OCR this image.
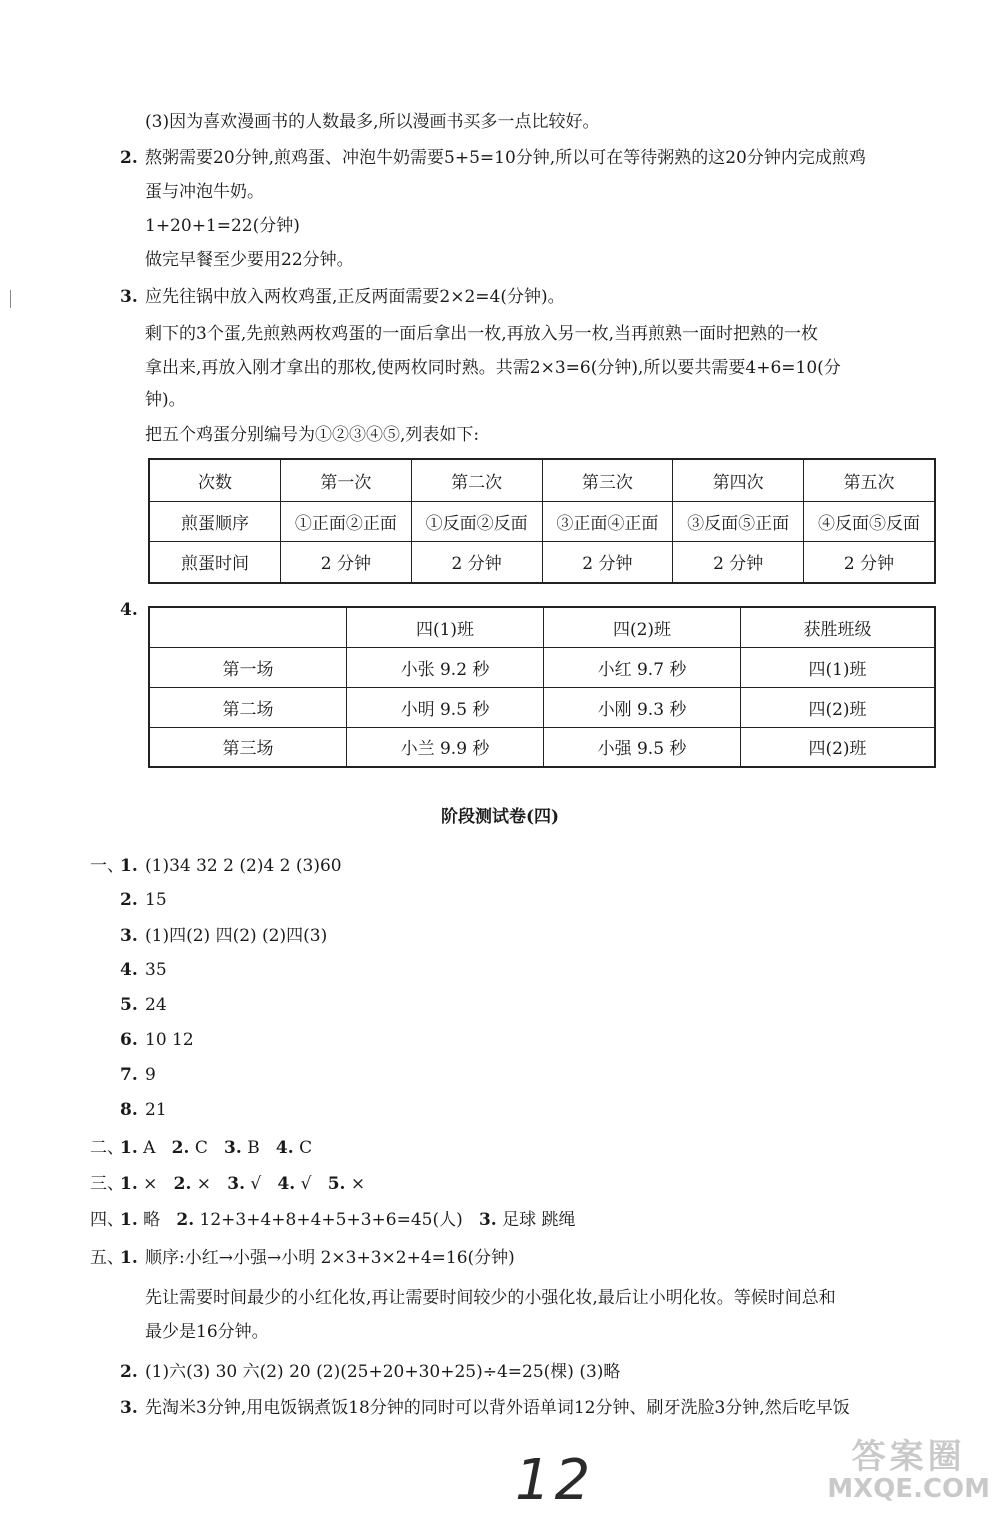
(3)因为喜欢漫画书的人数最多,所以漫画书买多一点比较好。
2. 熬粥需要20分钟,煎鸡蛋、冲泡牛奶需要5+5=10分钟,所以可在等待粥熟的这20分钟内完成煎鸡
蛋与冲泡牛奶。
1+20+1=22(分钟)
做完早餐至少要用22分钟。
3. 应先往锅中放入两枚鸡蛋,正反两面需要2×2=4(分钟)。
剩下的3个蛋,先煎熟两枚鸡蛋的一面后拿出一枚,再放入另一枚,当再煎熟一面时把熟的一枚
拿出来,再放入刚才拿出的那枚,使两枚同时熟。共需2×3=6(分钟),所以要共需要4+6=10(分
钟)。
把五个鸡蛋分别编号为①②③④⑤,列表如下:
次数	第一次	第二次	第三次	第四次	第五次
煎蛋顺序	①正面②正面	①反面②反面	③正面④正面	③反面⑤正面	④反面⑤反面
煎蛋时间	2 分钟	2 分钟	2 分钟	2 分钟	2 分钟
4.
	四(1)班	四(2)班	获胜班级
第一场	小张 9.2 秒	小红 9.7 秒	四(1)班
第二场	小明 9.5 秒	小刚 9.3 秒	四(2)班
第三场	小兰 9.9 秒	小强 9.5 秒	四(2)班
阶段测试卷(四)
一、
1. (1)34 32 2 (2)4 2 (3)60
2. 15
3. (1)四(2) 四(2) (2)四(3)
4. 35
5. 24
6. 10 12
7. 9
8. 21
二、
1. A 2. C 3. B 4. C
三、
1. × 2. × 3. √ 4. √ 5. ×
四、
1. 略 2. 12+3+4+8+4+5+3+6=45(人) 3. 足球 跳绳
五、
1. 顺序:小红→小强→小明 2×3+3×2+4=16(分钟)
先让需要时间最少的小红化妆,再让需要时间较少的小强化妆,最后让小明化妆。等候时间总和
最少是16分钟。
2. (1)六(3) 30 六(2) 20 (2)(25+20+30+25)÷4=25(棵) (3)略
3. 先淘米3分钟,用电饭锅煮饭18分钟的同时可以背外语单词12分钟、刷牙洗脸3分钟,然后吃早饭
12	答案圈
MXQE.COM
